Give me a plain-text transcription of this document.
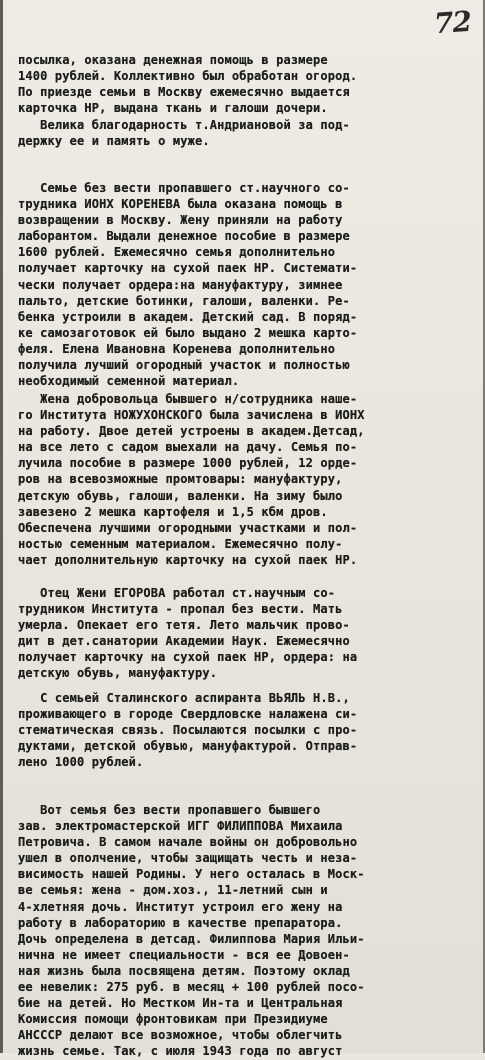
72
посылка, оказана денежная помощь в размере
1400 рублей. Коллективно был обработан огород.
По приезде семьи в Москву ежемесячно выдается
карточка НР, выдана ткань и галоши дочери.
Велика благодарность т.Андриановой за под-
держку ее и память о муже.
Семье без вести пропавшего ст.научного со-
трудника ИОНХ КОРЕНЕВА была оказана помощь в
возвращении в Москву. Жену приняли на работу
лаборантом. Выдали денежное пособие в размере
1600 рублей. Ежемесячно семья дополнительно
получает карточку на сухой паек НР. Системати-
чески получает ордера:на мануфактуру, зимнее
пальто, детские ботинки, галоши, валенки. Ре-
бенка устроили в академ. Детский сад. В поряд-
ке самозаготовок ей было выдано 2 мешка карто-
феля. Елена Ивановна Коренева дополнительно
получила лучший огородный участок и полностью
необходимый семенной материал.
Жена добровольца бывшего н/сотрудника наше-
го Института НОЖУХОНСКОГО была зачислена в ИОНХ
на работу. Двое детей устроены в академ.Детсад,
на все лето с садом выехали на дачу. Семья по-
лучила пособие в размере 1000 рублей, 12 орде-
ров на всевозможные промтовары: мануфактуру,
детскую обувь, галоши, валенки. На зиму было
завезено 2 мешка картофеля и 1,5 кбм дров.
Обеспечена лучшими огородными участками и пол-
ностью семенным материалом. Ежемесячно полу-
чает дополнительную карточку на сухой паек НР.
Отец Жени ЕГОРОВА работал ст.научным со-
трудником Института - пропал без вести. Мать
умерла. Опекает его тетя. Лето мальчик прово-
дит в дет.санатории Академии Наук. Ежемесячно
получает карточку на сухой паек НР, ордера: на
детскую обувь, мануфактуру.
С семьей Сталинского аспиранта ВЬЯЛЬ Н.В.,
проживающего в городе Свердловске налажена си-
стематическая связь. Посылаются посылки с про-
дуктами, детской обувью, мануфактурой. Отправ-
лено 1000 рублей.
Вот семья без вести пропавшего бывшего
зав. электромастерской ИГГ ФИЛИППОВА Михаила
Петровича. В самом начале войны он добровольно
ушел в ополчение, чтобы защищать честь и неза-
висимость нашей Родины. У него осталась в Моск-
ве семья: жена - дом.хоз., 11-летний сын и
4-хлетняя дочь. Институт устроил его жену на
работу в лабораторию в качестве препаратора.
Дочь определена в детсад. Филиппова Мария Ильи-
нична не имеет специальности - вся ее Довоен-
ная жизнь была посвящена детям. Поэтому оклад
ее невелик: 275 руб. в месяц + 100 рублей посо-
бие на детей. Но Местком Ин-та и Центральная
Комиссия помощи фронтовикам при Президиуме
АНСССР делают все возможное, чтобы облегчить
жизнь семье. Так, с июля 1943 года по август
